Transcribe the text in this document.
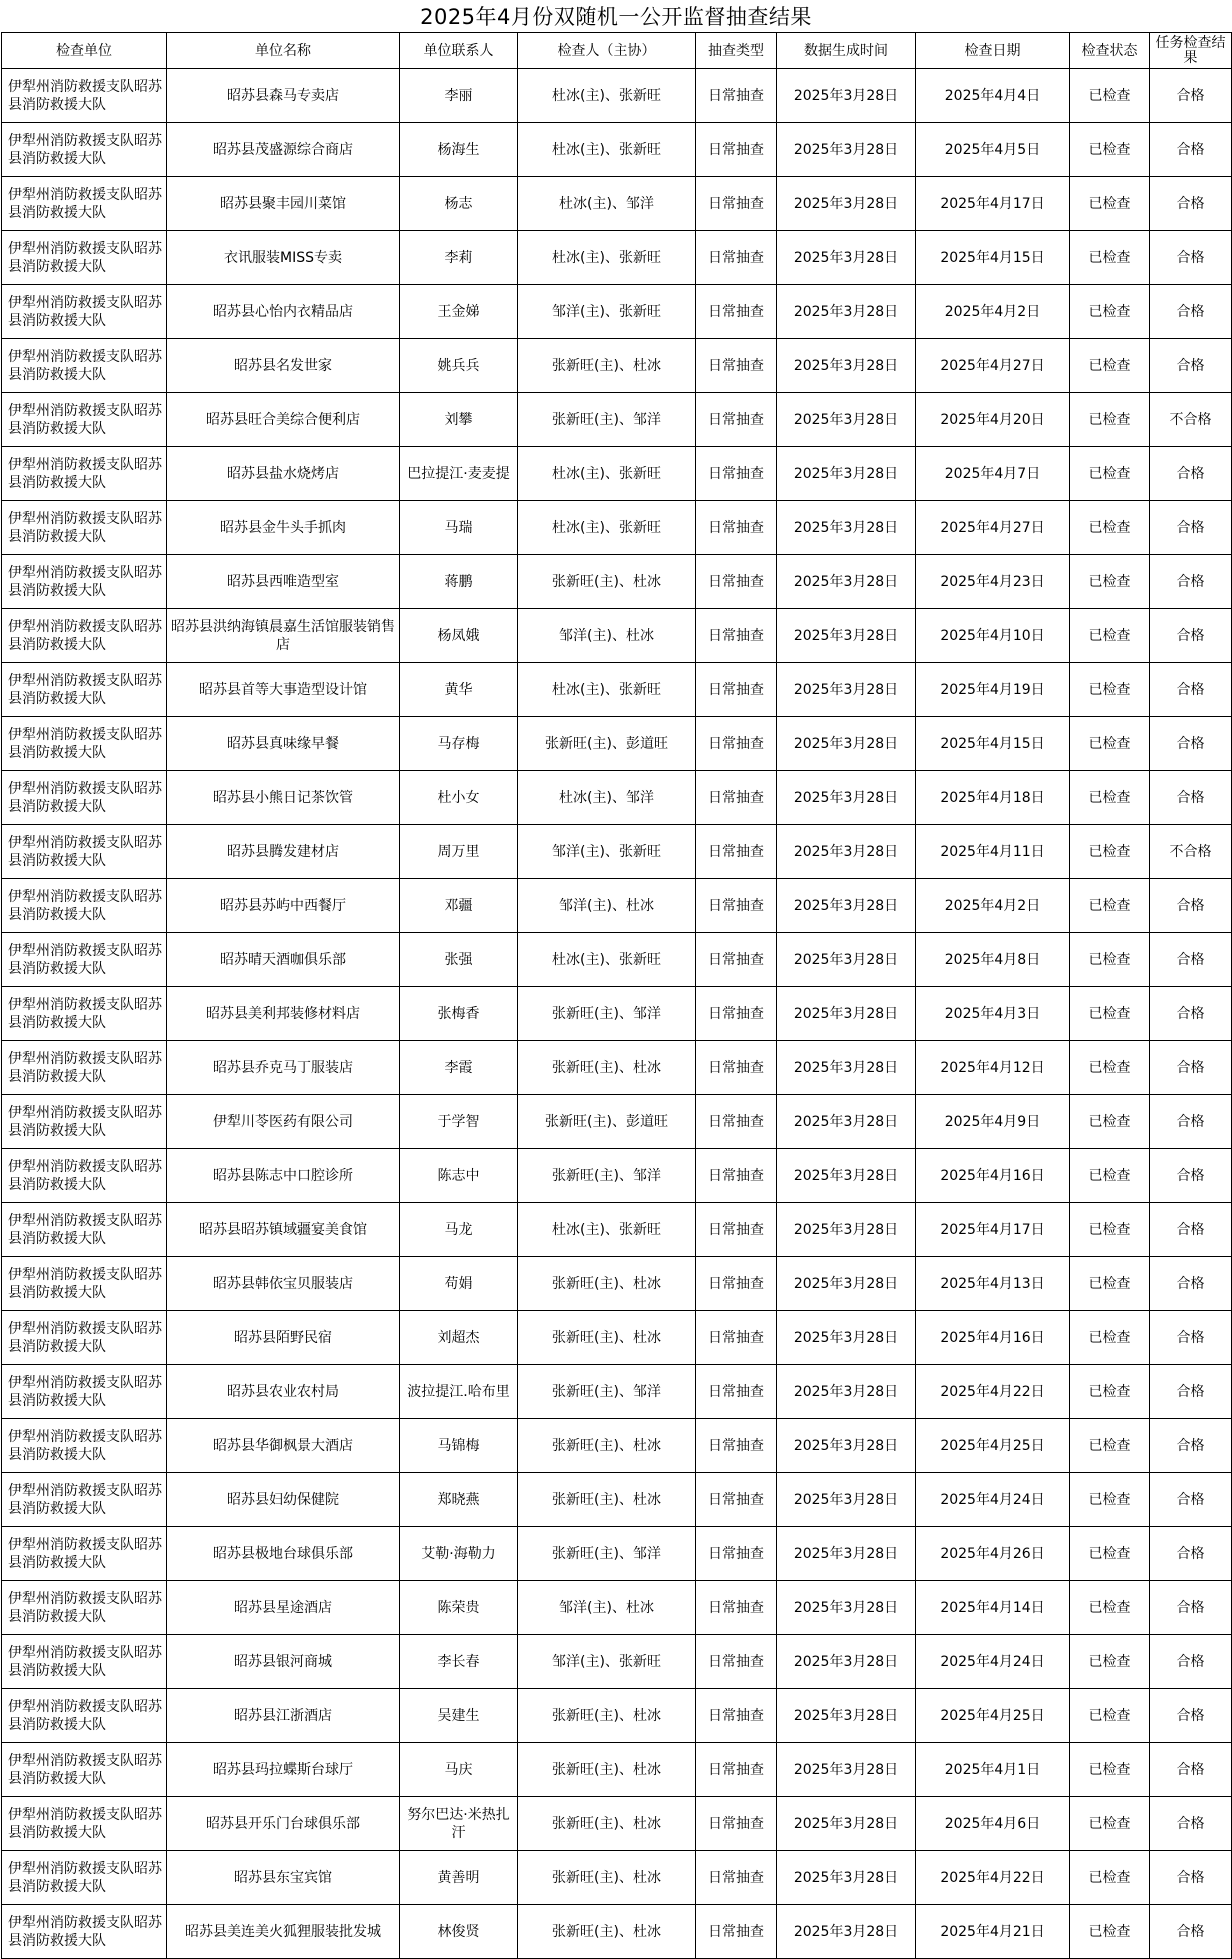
2025年4月份双随机一公开监督抽查结果
检查单位	单位名称	单位联系人	检查人（主协）	抽查类型	数据生成时间	检查日期	检查状态	任务检查结果
伊犁州消防救援支队昭苏县消防救援大队	昭苏县森马专卖店	李丽	杜冰(主)、张新旺	日常抽查	2025年3月28日	2025年4月4日	已检查	合格
伊犁州消防救援支队昭苏县消防救援大队	昭苏县茂盛源综合商店	杨海生	杜冰(主)、张新旺	日常抽查	2025年3月28日	2025年4月5日	已检查	合格
伊犁州消防救援支队昭苏县消防救援大队	昭苏县聚丰园川菜馆	杨志	杜冰(主)、邹洋	日常抽查	2025年3月28日	2025年4月17日	已检查	合格
伊犁州消防救援支队昭苏县消防救援大队	衣讯服装MISS专卖	李莉	杜冰(主)、张新旺	日常抽查	2025年3月28日	2025年4月15日	已检查	合格
伊犁州消防救援支队昭苏县消防救援大队	昭苏县心怡内衣精品店	王金娣	邹洋(主)、张新旺	日常抽查	2025年3月28日	2025年4月2日	已检查	合格
伊犁州消防救援支队昭苏县消防救援大队	昭苏县名发世家	姚兵兵	张新旺(主)、杜冰	日常抽查	2025年3月28日	2025年4月27日	已检查	合格
伊犁州消防救援支队昭苏县消防救援大队	昭苏县旺合美综合便利店	刘攀	张新旺(主)、邹洋	日常抽查	2025年3月28日	2025年4月20日	已检查	不合格
伊犁州消防救援支队昭苏县消防救援大队	昭苏县盐水烧烤店	巴拉提江·麦麦提	杜冰(主)、张新旺	日常抽查	2025年3月28日	2025年4月7日	已检查	合格
伊犁州消防救援支队昭苏县消防救援大队	昭苏县金牛头手抓肉	马瑞	杜冰(主)、张新旺	日常抽查	2025年3月28日	2025年4月27日	已检查	合格
伊犁州消防救援支队昭苏县消防救援大队	昭苏县西唯造型室	蒋鹏	张新旺(主)、杜冰	日常抽查	2025年3月28日	2025年4月23日	已检查	合格
伊犁州消防救援支队昭苏县消防救援大队	昭苏县洪纳海镇晨嘉生活馆服装销售店	杨凤娥	邹洋(主)、杜冰	日常抽查	2025年3月28日	2025年4月10日	已检查	合格
伊犁州消防救援支队昭苏县消防救援大队	昭苏县首等大事造型设计馆	黄华	杜冰(主)、张新旺	日常抽查	2025年3月28日	2025年4月19日	已检查	合格
伊犁州消防救援支队昭苏县消防救援大队	昭苏县真味缘早餐	马存梅	张新旺(主)、彭道旺	日常抽查	2025年3月28日	2025年4月15日	已检查	合格
伊犁州消防救援支队昭苏县消防救援大队	昭苏县小熊日记茶饮管	杜小女	杜冰(主)、邹洋	日常抽查	2025年3月28日	2025年4月18日	已检查	合格
伊犁州消防救援支队昭苏县消防救援大队	昭苏县腾发建材店	周万里	邹洋(主)、张新旺	日常抽查	2025年3月28日	2025年4月11日	已检查	不合格
伊犁州消防救援支队昭苏县消防救援大队	昭苏县苏屿中西餐厅	邓疆	邹洋(主)、杜冰	日常抽查	2025年3月28日	2025年4月2日	已检查	合格
伊犁州消防救援支队昭苏县消防救援大队	昭苏晴天酒咖俱乐部	张强	杜冰(主)、张新旺	日常抽查	2025年3月28日	2025年4月8日	已检查	合格
伊犁州消防救援支队昭苏县消防救援大队	昭苏县美利邦装修材料店	张梅香	张新旺(主)、邹洋	日常抽查	2025年3月28日	2025年4月3日	已检查	合格
伊犁州消防救援支队昭苏县消防救援大队	昭苏县乔克马丁服装店	李霞	张新旺(主)、杜冰	日常抽查	2025年3月28日	2025年4月12日	已检查	合格
伊犁州消防救援支队昭苏县消防救援大队	伊犁川苓医药有限公司	于学智	张新旺(主)、彭道旺	日常抽查	2025年3月28日	2025年4月9日	已检查	合格
伊犁州消防救援支队昭苏县消防救援大队	昭苏县陈志中口腔诊所	陈志中	张新旺(主)、邹洋	日常抽查	2025年3月28日	2025年4月16日	已检查	合格
伊犁州消防救援支队昭苏县消防救援大队	昭苏县昭苏镇域疆宴美食馆	马龙	杜冰(主)、张新旺	日常抽查	2025年3月28日	2025年4月17日	已检查	合格
伊犁州消防救援支队昭苏县消防救援大队	昭苏县韩依宝贝服装店	苟娟	张新旺(主)、杜冰	日常抽查	2025年3月28日	2025年4月13日	已检查	合格
伊犁州消防救援支队昭苏县消防救援大队	昭苏县陌野民宿	刘超杰	张新旺(主)、杜冰	日常抽查	2025年3月28日	2025年4月16日	已检查	合格
伊犁州消防救援支队昭苏县消防救援大队	昭苏县农业农村局	波拉提江.哈布里	张新旺(主)、邹洋	日常抽查	2025年3月28日	2025年4月22日	已检查	合格
伊犁州消防救援支队昭苏县消防救援大队	昭苏县华御枫景大酒店	马锦梅	张新旺(主)、杜冰	日常抽查	2025年3月28日	2025年4月25日	已检查	合格
伊犁州消防救援支队昭苏县消防救援大队	昭苏县妇幼保健院	郑晓燕	张新旺(主)、杜冰	日常抽查	2025年3月28日	2025年4月24日	已检查	合格
伊犁州消防救援支队昭苏县消防救援大队	昭苏县极地台球俱乐部	艾勒·海勒力	张新旺(主)、邹洋	日常抽查	2025年3月28日	2025年4月26日	已检查	合格
伊犁州消防救援支队昭苏县消防救援大队	昭苏县星途酒店	陈荣贵	邹洋(主)、杜冰	日常抽查	2025年3月28日	2025年4月14日	已检查	合格
伊犁州消防救援支队昭苏县消防救援大队	昭苏县银河商城	李长春	邹洋(主)、张新旺	日常抽查	2025年3月28日	2025年4月24日	已检查	合格
伊犁州消防救援支队昭苏县消防救援大队	昭苏县江浙酒店	吴建生	张新旺(主)、杜冰	日常抽查	2025年3月28日	2025年4月25日	已检查	合格
伊犁州消防救援支队昭苏县消防救援大队	昭苏县玛拉蝶斯台球厅	马庆	张新旺(主)、杜冰	日常抽查	2025年3月28日	2025年4月1日	已检查	合格
伊犁州消防救援支队昭苏县消防救援大队	昭苏县开乐门台球俱乐部	努尔巴达·米热扎汗	张新旺(主)、杜冰	日常抽查	2025年3月28日	2025年4月6日	已检查	合格
伊犁州消防救援支队昭苏县消防救援大队	昭苏县东宝宾馆	黄善明	张新旺(主)、杜冰	日常抽查	2025年3月28日	2025年4月22日	已检查	合格
伊犁州消防救援支队昭苏县消防救援大队	昭苏县美连美火狐狸服装批发城	林俊贤	张新旺(主)、杜冰	日常抽查	2025年3月28日	2025年4月21日	已检查	合格
